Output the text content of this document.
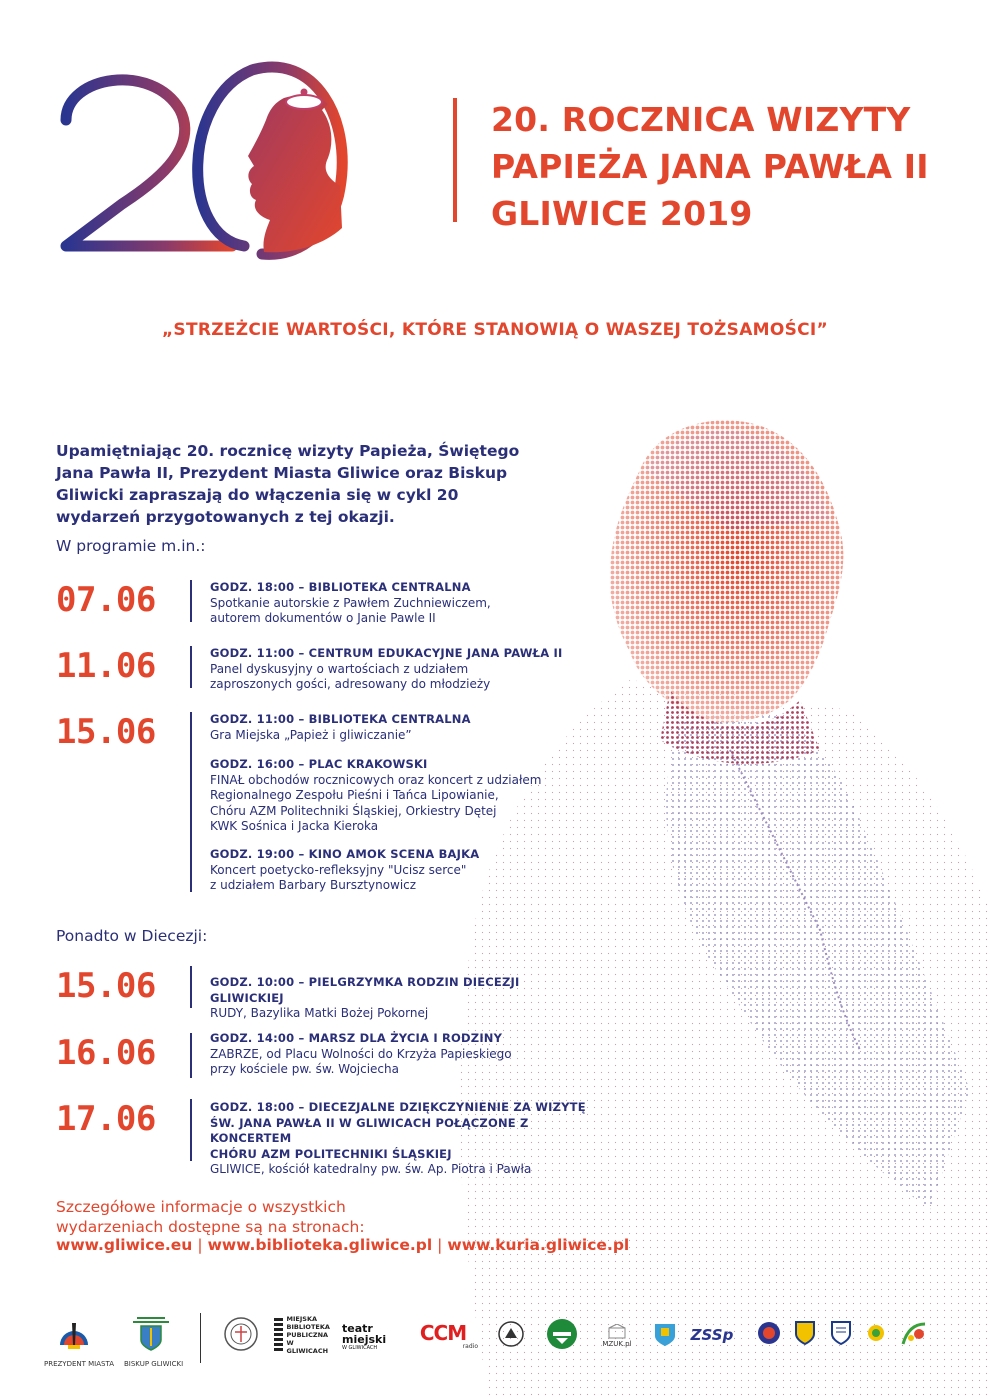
20. ROCZNICA WIZYTY
PAPIEŻA JANA PAWŁA II
GLIWICE 2019
„STRZEŻCIE WARTOŚCI, KTÓRE STANOWIĄ O WASZEJ TOŻSAMOŚCI”
Upamiętniając 20. rocznicę wizyty Papieża, Świętego Jana Pawła II, Prezydent Miasta Gliwice oraz Biskup Gliwicki zapraszają do włączenia się w cykl 20 wydarzeń przygotowanych z tej okazji.
W programie m.in.:
07.06	GODZ. 18:00 – BIBLIOTEKA CENTRALNA
Spotkanie autorskie z Pawłem Zuchniewiczem,
autorem dokumentów o Janie Pawle II
11.06	GODZ. 11:00 – CENTRUM EDUKACYJNE JANA PAWŁA II
Panel dyskusyjny o wartościach z udziałem
zaproszonych gości, adresowany do młodzieży
15.06	GODZ. 11:00 – BIBLIOTEKA CENTRALNA
Gra Miejska „Papież i gliwiczanie”
GODZ. 16:00 – PLAC KRAKOWSKI
FINAŁ obchodów rocznicowych oraz koncert z udziałem
Regionalnego Zespołu Pieśni i Tańca Lipowianie,
Chóru AZM Politechniki Śląskiej, Orkiestry Dętej
KWK Sośnica i Jacka Kieroka
GODZ. 19:00 – KINO AMOK SCENA BAJKA
Koncert poetycko-refleksyjny "Ucisz serce"
z udziałem Barbary Bursztynowicz
Ponadto w Diecezji:
15.06	GODZ. 10:00 – PIELGRZYMKA RODZIN DIECEZJI GLIWICKIEJ
RUDY, Bazylika Matki Bożej Pokornej
16.06	GODZ. 14:00 – MARSZ DLA ŻYCIA I RODZINY
ZABRZE, od Placu Wolności do Krzyża Papieskiego
przy kościele pw. św. Wojciecha
17.06	GODZ. 18:00 – DIECEZJALNE DZIĘKCZYNIENIE ZA WIZYTĘ
ŚW. JANA PAWŁA II W GLIWICACH POŁĄCZONE Z KONCERTEM
CHÓRU AZM POLITECHNIKI ŚLĄSKIEJ
GLIWICE, kościół katedralny pw. św. Ap. Piotra i Pawła
Szczegółowe informacje o wszystkich
wydarzeniach dostępne są na stronach:
www.gliwice.eu | www.biblioteka.gliwice.pl | www.kuria.gliwice.pl
PREZYDENT MIASTA BISKUP GLIWICKI
MIEJSKA
BIBLIOTEKA
PUBLICZNA
W GLIWICACH
teatr
miejski
W GLIWICACH
CCM
radio	MZUK.pl	ZSSp
